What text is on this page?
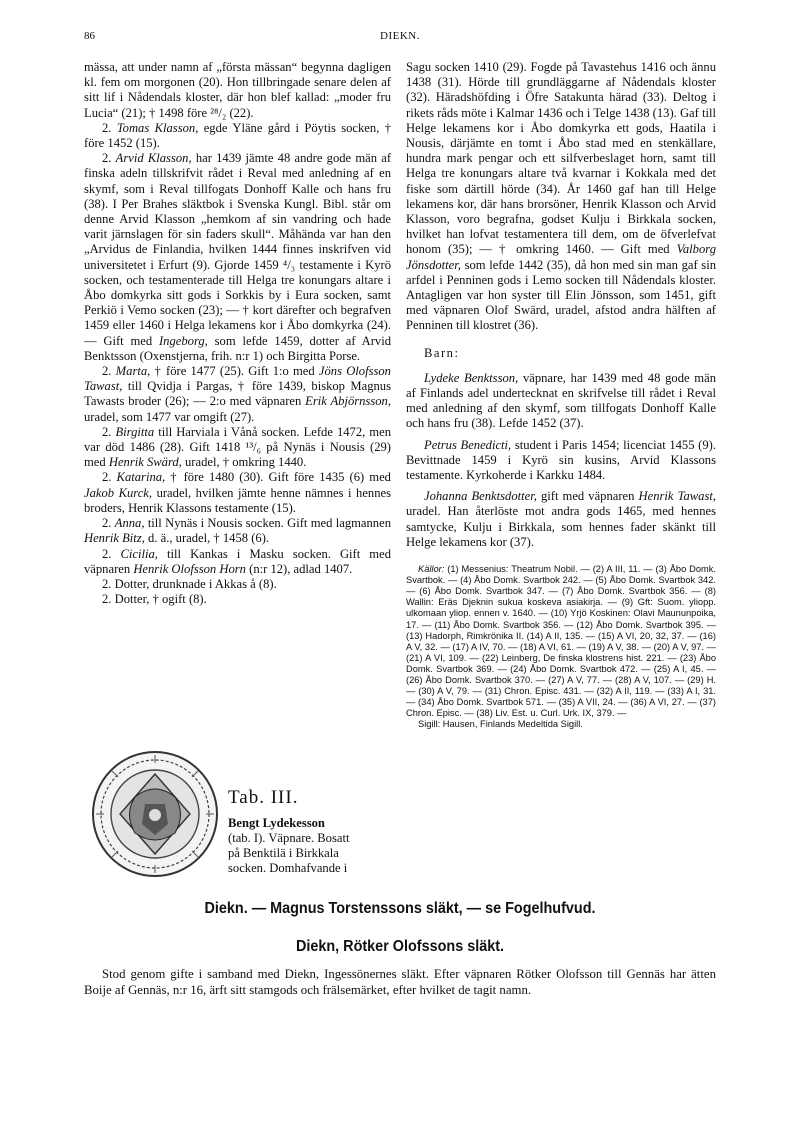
86	DIEKN.

mässa, att under namn af „första mässan“ begynna dagligen kl. fem om morgonen (20). Hon tillbringade senare delen af sitt lif i Nådendals kloster, där hon blef kallad: „moder fru Lucia“ (21); † 1498 före ²⁸/₂ (22).

2. Tomas Klasson, egde Yläne gård i Pöytis socken, † före 1452 (15).

2. Arvid Klasson, har 1439 jämte 48 andre gode män af finska adeln tillskrifvit rådet i Reval med anledning af en skymf, som i Reval tillfogats Donhoff Kalle och hans fru (38). I Per Brahes släktbok i Svenska Kungl. Bibl. står om denne Arvid Klasson „hemkom af sin vandring och hade varit järnslagen för sin faders skull“. Måhända var han den „Arvidus de Finlandia, hvilken 1444 finnes inskrifven vid universitetet i Erfurt (9). Gjorde 1459 ⁴/₃ testamente i Kyrö socken, och testamenterade till Helga tre konungars altare i Åbo domkyrka sitt gods i Sorkkis by i Eura socken, samt Perkiö i Vemo socken (23); — † kort därefter och begrafven 1459 eller 1460 i Helga lekamens kor i Åbo domkyrka (24). — Gift med Ingeborg, som lefde 1459, dotter af Arvid Benktsson (Oxenstjerna, frih. n:r 1) och Birgitta Porse.

2. Marta, † före 1477 (25). Gift 1:o med Jöns Olofsson Tawast, till Qvidja i Pargas, † före 1439, biskop Magnus Tawasts broder (26); — 2:o med väpnaren Erik Abjörnsson, uradel, som 1477 var omgift (27).

2. Birgitta till Harviala i Vånå socken. Lefde 1472, men var död 1486 (28). Gift 1418 ¹³/₆ på Nynäs i Nousis (29) med Henrik Swärd, uradel, † omkring 1440.

2. Katarina, † före 1480 (30). Gift före 1435 (6) med Jakob Kurck, uradel, hvilken jämte henne nämnes i hennes broders, Henrik Klassons testamente (15).

2. Anna, till Nynäs i Nousis socken. Gift med lagmannen Henrik Bitz, d. ä., uradel, † 1458 (6).

2. Cicilia, till Kankas i Masku socken. Gift med väpnaren Henrik Olofsson Horn (n:r 12), adlad 1407.

2. Dotter, drunknade i Akkas å (8).

2. Dotter, † ogift (8).

Tab. III.
Bengt Lydekesson
(tab. I). Väpnare. Bosatt
på Benktilä i Birkkala
socken. Domhafvande i

Sagu socken 1410 (29). Fogde på Tavastehus 1416 och ännu 1438 (31). Hörde till grundläggarne af Nådendals kloster (32). Häradshöfding i Öfre Satakunta härad (33). Deltog i rikets råds möte i Kalmar 1436 och i Telge 1438 (13). Gaf till Helge lekamens kor i Åbo domkyrka ett gods, Haatila i Nousis, därjämte en tomt i Åbo stad med en stenkällare, hundra mark pengar och ett silfverbeslaget horn, samt till Helga tre konungars altare två kvarnar i Kokkala med det fiske som därtill hörde (34). År 1460 gaf han till Helge lekamens kor, där hans brorsöner, Henrik Klasson och Arvid Klasson, voro begrafna, godset Kulju i Birkkala socken, hvilket han lofvat testamentera till dem, om de öfverlefvat honom (35); — † omkring 1460. — Gift med Valborg Jönsdotter, som lefde 1442 (35), då hon med sin man gaf sin arfdel i Penninen gods i Lemo socken till Nådendals kloster. Antagligen var hon syster till Elin Jönsson, som 1451, gift med väpnaren Olof Swärd, uradel, afstod andra hälften af Penninen till klostret (36).

Barn:

Lydeke Benktsson, väpnare, har 1439 med 48 gode män af Finlands adel undertecknat en skrifvelse till rådet i Reval med anledning af den skymf, som tillfogats Donhoff Kalle och hans fru (38). Lefde 1452 (37).

Petrus Benedicti, student i Paris 1454; licenciat 1455 (9). Bevittnade 1459 i Kyrö sin kusins, Arvid Klassons testamente. Kyrkoherde i Karkku 1484.

Johanna Benktsdotter, gift med väpnaren Henrik Tawast, uradel. Han återlöste mot andra gods 1465, med hennes samtycke, Kulju i Birkkala, som hennes fader skänkt till Helge lekamens kor (37).

Källor: (1) Messenius: Theatrum Nobil. — (2) A III, 11. — (3) Åbo Domk. Svartbok. — (4) Åbo Domk. Svartbok 242. — (5) Åbo Domk. Svartbok 342. — (6) Åbo Domk. Svartbok 347. — (7) Åbo Domk. Svartbok 356. — (8) Wallin: Eräs Djeknin sukua koskeva asiakirja. — (9) Gft: Suom. yliopp. ulkomaan yliop. ennen v. 1640. — (10) Yrjö Koskinen: Olavi Maununpoika, 17. — (11) Åbo Domk. Svartbok 356. — (12) Åbo Domk. Svartbok 395. — (13) Hadorph, Rimkrönika II. (14) A II, 135. — (15) A VI, 20, 32, 37. — (16) A V, 32. — (17) A IV, 70. — (18) A VI, 61. — (19) A V, 38. — (20) A V, 97. — (21) A VI, 109. — (22) Leinberg, De finska klostrens hist. 221. — (23) Åbo Domk. Svartbok 369. — (24) Åbo Domk. Svartbok 472. — (25) A I, 45. — (26) Åbo Domk. Svartbok 370. — (27) A V, 77. — (28) A V, 107. — (29) H. — (30) A V, 79. — (31) Chron. Episc. 431. — (32) A II, 119. — (33) A I, 31. — (34) Åbo Domk. Svartbok 571. — (35) A VII, 24. — (36) A VI, 27. — (37) Chron. Episc. — (38) Liv. Est. u. Curl. Urk. IX, 379. —

Sigill: Hausen, Finlands Medeltida Sigill.

Diekn. — Magnus Torstenssons släkt, — se Fogelhufvud.
Diekn, Rötker Olofssons släkt.

Stod genom gifte i samband med Diekn, Ingessönernes släkt. Efter väpnaren Rötker Olofsson till Gennäs har ätten Boije af Gennäs, n:r 16, ärft sitt stamgods och frälsemärket, efter hvilket de tagit namn.
